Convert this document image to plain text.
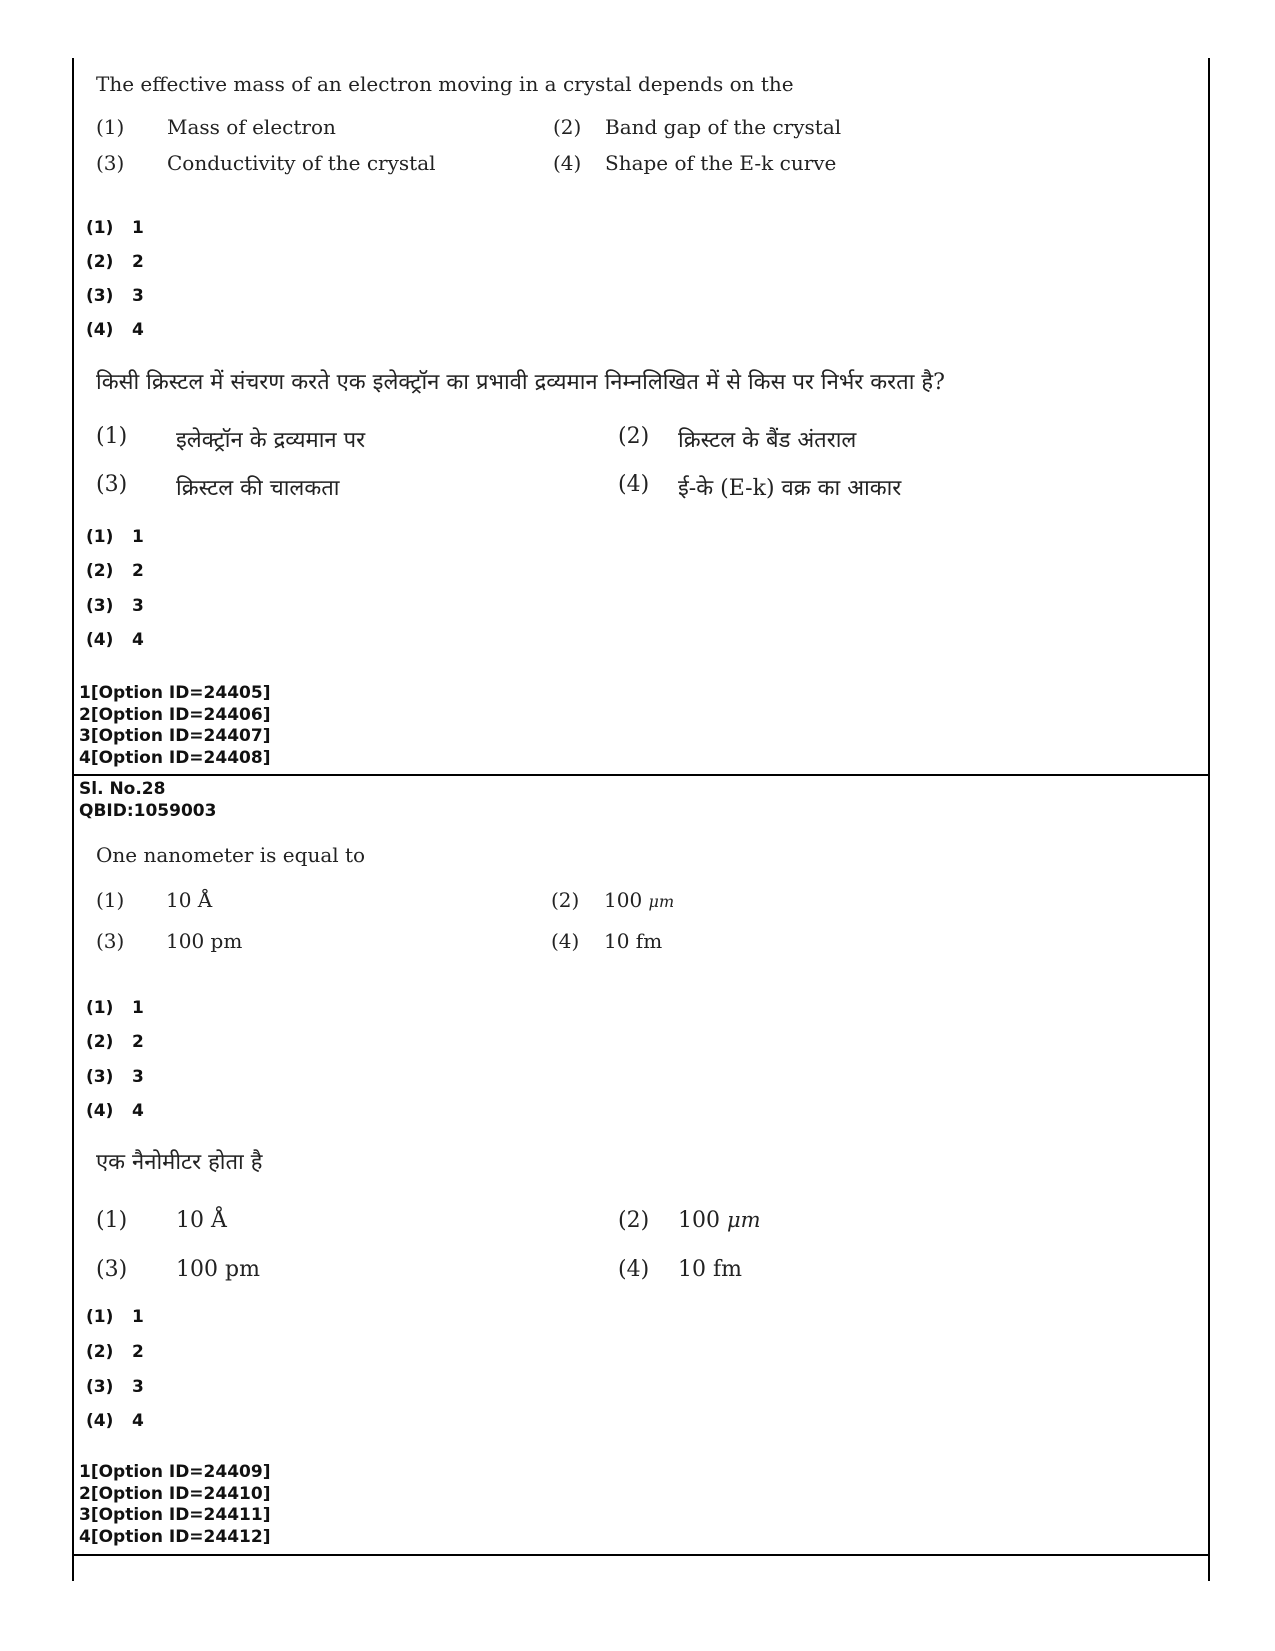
The effective mass of an electron moving in a crystal depends on the
(1) Mass of electron	(2) Band gap of the crystal
(3) Conductivity of the crystal	(4) Shape of the E-k curve
(1) 1
(2) 2
(3) 3
(4) 4
किसी क्रिस्टल में संचरण करते एक इलेक्ट्रॉन का प्रभावी द्रव्यमान निम्नलिखित में से किस पर निर्भर करता है?
(1) इलेक्ट्रॉन के द्रव्यमान पर	(2) क्रिस्टल के बैंड अंतराल
(3) क्रिस्टल की चालकता	(4) ई-के (E-k) वक्र का आकार
(1) 1
(2) 2
(3) 3
(4) 4
1[Option ID=24405]
2[Option ID=24406]
3[Option ID=24407]
4[Option ID=24408]
Sl. No.28
QBID:1059003
One nanometer is equal to
(1) 10 Å	(2) 100 μm
(3) 100 pm	(4) 10 fm
(1) 1
(2) 2
(3) 3
(4) 4
एक नैनोमीटर होता है
(1) 10 Å	(2) 100 μm
(3) 100 pm	(4) 10 fm
(1) 1
(2) 2
(3) 3
(4) 4
1[Option ID=24409]
2[Option ID=24410]
3[Option ID=24411]
4[Option ID=24412]
